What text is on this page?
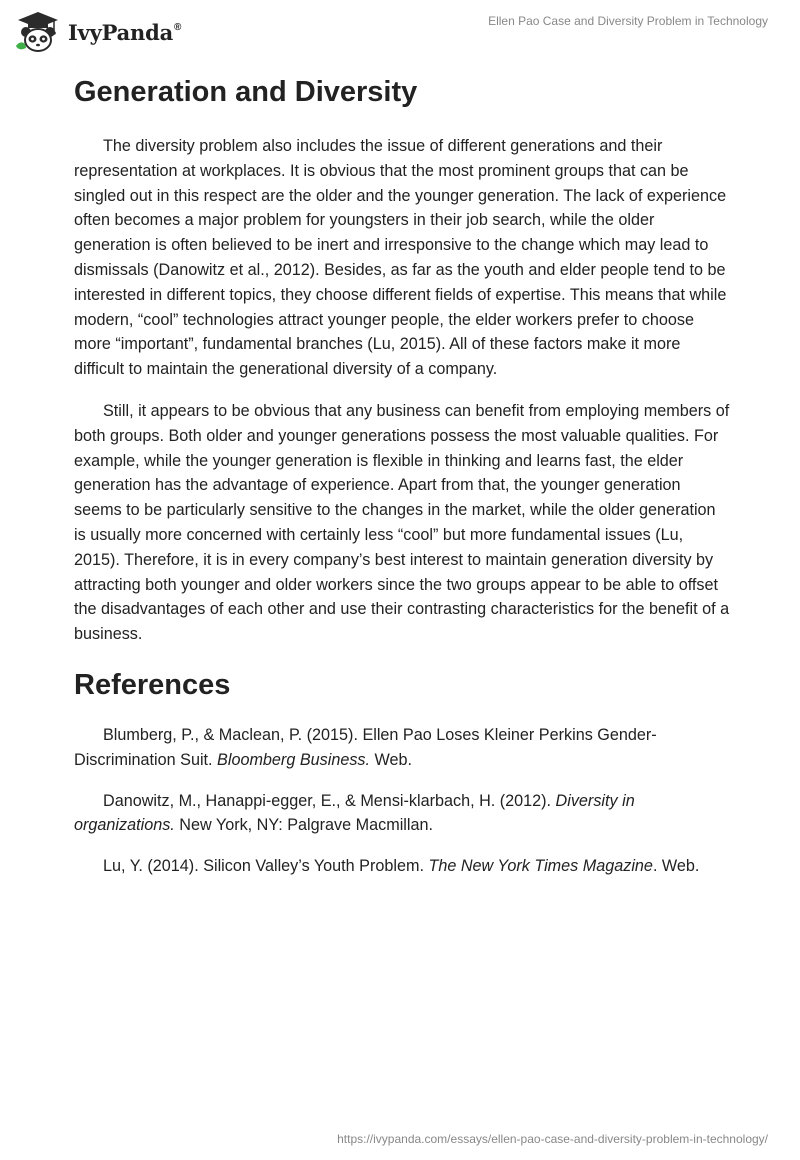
IvyPanda®	Ellen Pao Case and Diversity Problem in Technology
Generation and Diversity

The diversity problem also includes the issue of different generations and their representation at workplaces. It is obvious that the most prominent groups that can be singled out in this respect are the older and the younger generation. The lack of experience often becomes a major problem for youngsters in their job search, while the older generation is often believed to be inert and irresponsive to the change which may lead to dismissals (Danowitz et al., 2012). Besides, as far as the youth and elder people tend to be interested in different topics, they choose different fields of expertise. This means that while modern, “cool” technologies attract younger people, the elder workers prefer to choose more “important”, fundamental branches (Lu, 2015). All of these factors make it more difficult to maintain the generational diversity of a company.

Still, it appears to be obvious that any business can benefit from employing members of both groups. Both older and younger generations possess the most valuable qualities. For example, while the younger generation is flexible in thinking and learns fast, the elder generation has the advantage of experience. Apart from that, the younger generation seems to be particularly sensitive to the changes in the market, while the older generation is usually more concerned with certainly less “cool” but more fundamental issues (Lu, 2015). Therefore, it is in every company’s best interest to maintain generation diversity by attracting both younger and older workers since the two groups appear to be able to offset the disadvantages of each other and use their contrasting characteristics for the benefit of a business.

References

Blumberg, P., & Maclean, P. (2015). Ellen Pao Loses Kleiner Perkins Gender-Discrimination Suit. Bloomberg Business. Web.

Danowitz, M., Hanappi-egger, E., & Mensi-klarbach, H. (2012). Diversity in organizations. New York, NY: Palgrave Macmillan.

Lu, Y. (2014). Silicon Valley’s Youth Problem. The New York Times Magazine. Web.

https://ivypanda.com/essays/ellen-pao-case-and-diversity-problem-in-technology/
